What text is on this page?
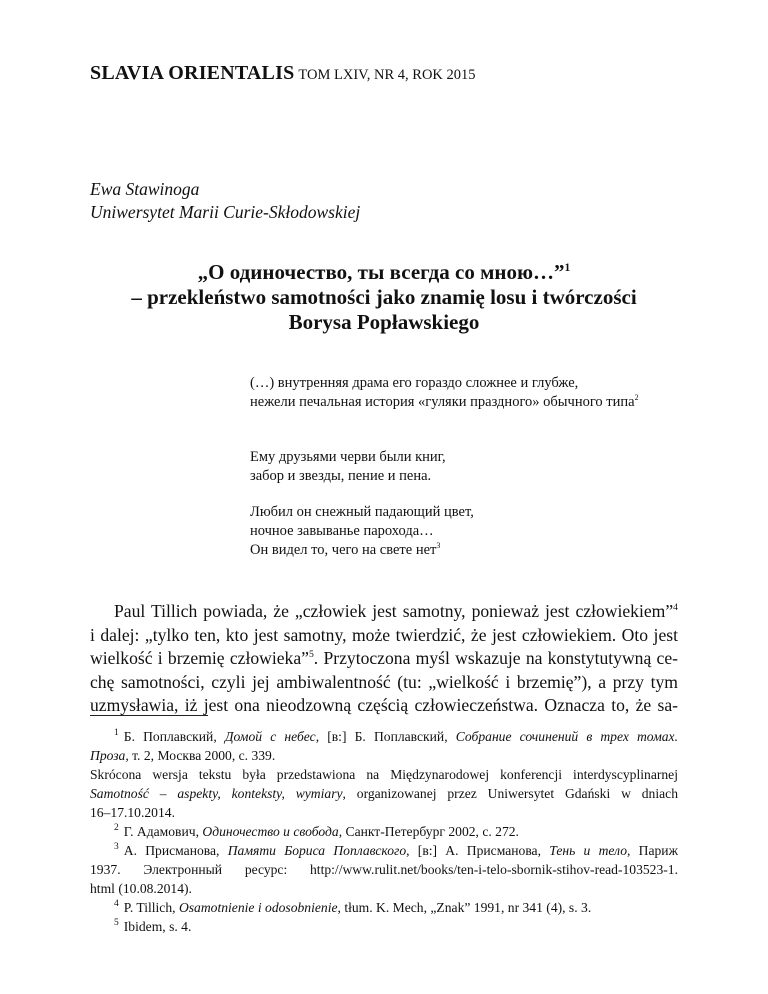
SLAVIA ORIENTALIS TOM LXIV, NR 4, ROK 2015
Ewa Stawinoga
Uniwersytet Marii Curie-Skłodowskiej
„О одиночество, ты всегда со мною…”$^1$
– przekleństwo samotności jako znamię losu i twórczości
Borysa Popławskiego
(…) внутренняя драма его гораздо сложнее и глубже,
нежели печальная история «гуляки праздного» обычного типа$^2$
Ему друзьями черви были книг,
забор и звезды, пение и пена.
Любил он снежный падающий цвет,
ночное завыванье парохода…
Он видел то, чего на свете нет$^3$
Paul Tillich powiada, że „człowiek jest samotny, ponieważ jest człowiekiem”$^4$
i dalej: „tylko ten, kto jest samotny, może twierdzić, że jest człowiekiem. Oto jest
wielkość i brzemię człowieka”$^5$. Przytoczona myśl wskazuje na konstytutywną ce-
chę samotności, czyli jej ambiwalentność (tu: „wielkość i brzemię”), a przy tym
uzmysławia, iż jest ona nieodzowną częścią człowieczeństwa. Oznacza to, że sa-
$^1$ Б. Поплавский, Домой с небес, [в:] Б. Поплавский, Собрание сочинений в трех томах.
Проза, т. 2, Москва 2000, с. 339.
Skrócona wersja tekstu była przedstawiona na Międzynarodowej konferencji interdyscyplinarnej
Samotność – aspekty, konteksty, wymiary, organizowanej przez Uniwersytet Gdański w dniach
16–17.10.2014.
$^2$ Г. Адамович, Одиночество и свобода, Санкт-Петербург 2002, с. 272.
$^3$ А. Присманова, Памяти Бориса Поплавского, [в:] А. Присманова, Тень и тело, Париж
1937. Электронный ресурс: http://www.rulit.net/books/ten-i-telo-sbornik-stihov-read-103523-1.
html (10.08.2014).
$^4$ P. Tillich, Osamotnienie i odosobnienie, tłum. K. Mech, „Znak” 1991, nr 341 (4), s. 3.
$^5$ Ibidem, s. 4.
